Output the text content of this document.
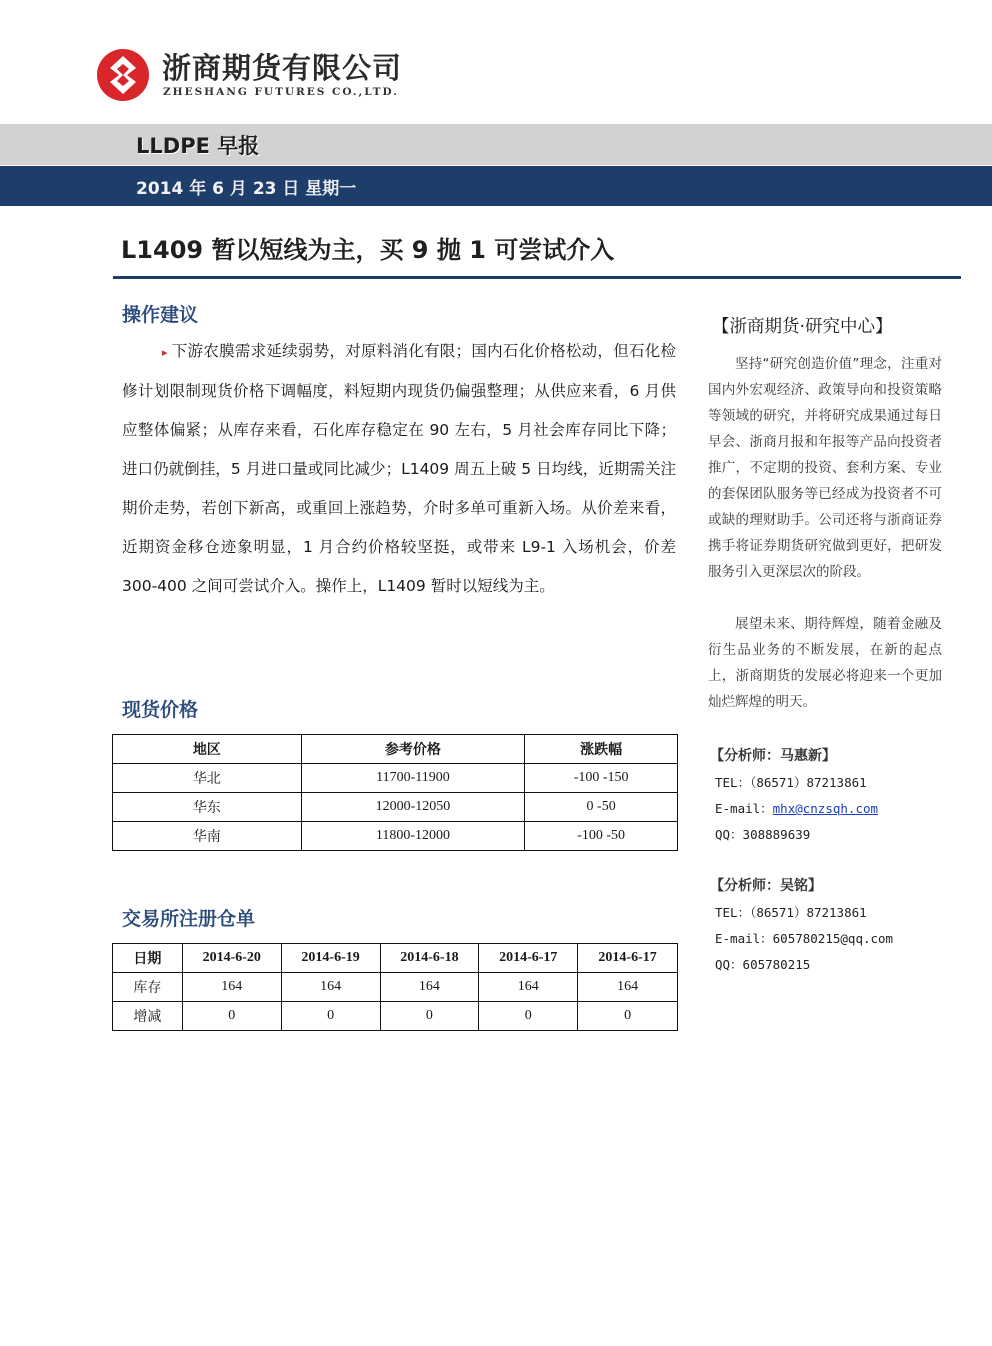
浙商期货有限公司
ZHESHANG FUTURES CO.,LTD.
LLDPE 早报
2014 年 6 月 23 日 星期一
L1409 暂以短线为主，买 9 抛 1 可尝试介入
操作建议
▸ 下游农膜需求延续弱势，对原料消化有限；国内石化价格松动，但石化检修计划限制现货价格下调幅度，料短期内现货仍偏强整理；从供应来看，6 月供应整体偏紧；从库存来看，石化库存稳定在 90 左右，5 月社会库存同比下降；进口仍就倒挂，5 月进口量或同比减少；L1409 周五上破 5 日均线，近期需关注期价走势，若创下新高，或重回上涨趋势，介时多单可重新入场。从价差来看，近期资金移仓迹象明显，1 月合约价格较坚挺，或带来 L9-1 入场机会，价差 300-400 之间可尝试介入。操作上，L1409 暂时以短线为主。
现货价格
地区	参考价格	涨跌幅
华北	11700-11900	-100 -150
华东	12000-12050	0 -50
华南	11800-12000	-100 -50
交易所注册仓单
日期	2014-6-20	2014-6-19	2014-6-18	2014-6-17	2014-6-17
库存	164	164	164	164	164
增减	0	0	0	0	0
【浙商期货·研究中心】
坚持“研究创造价值”理念，注重对国内外宏观经济、政策导向和投资策略等领域的研究，并将研究成果通过每日早会、浙商月报和年报等产品向投资者推广，不定期的投资、套利方案、专业的套保团队服务等已经成为投资者不可或缺的理财助手。公司还将与浙商证券携手将证券期货研究做到更好，把研发服务引入更深层次的阶段。
展望未来、期待辉煌，随着金融及衍生品业务的不断发展，在新的起点上，浙商期货的发展必将迎来一个更加灿烂辉煌的明天。
【分析师：马惠新】
TEL：（86571）87213861
E-mail：mhx@cnzsqh.com
QQ：308889639
【分析师：吴铭】
TEL：（86571）87213861
E-mail：605780215@qq.com
QQ：605780215
